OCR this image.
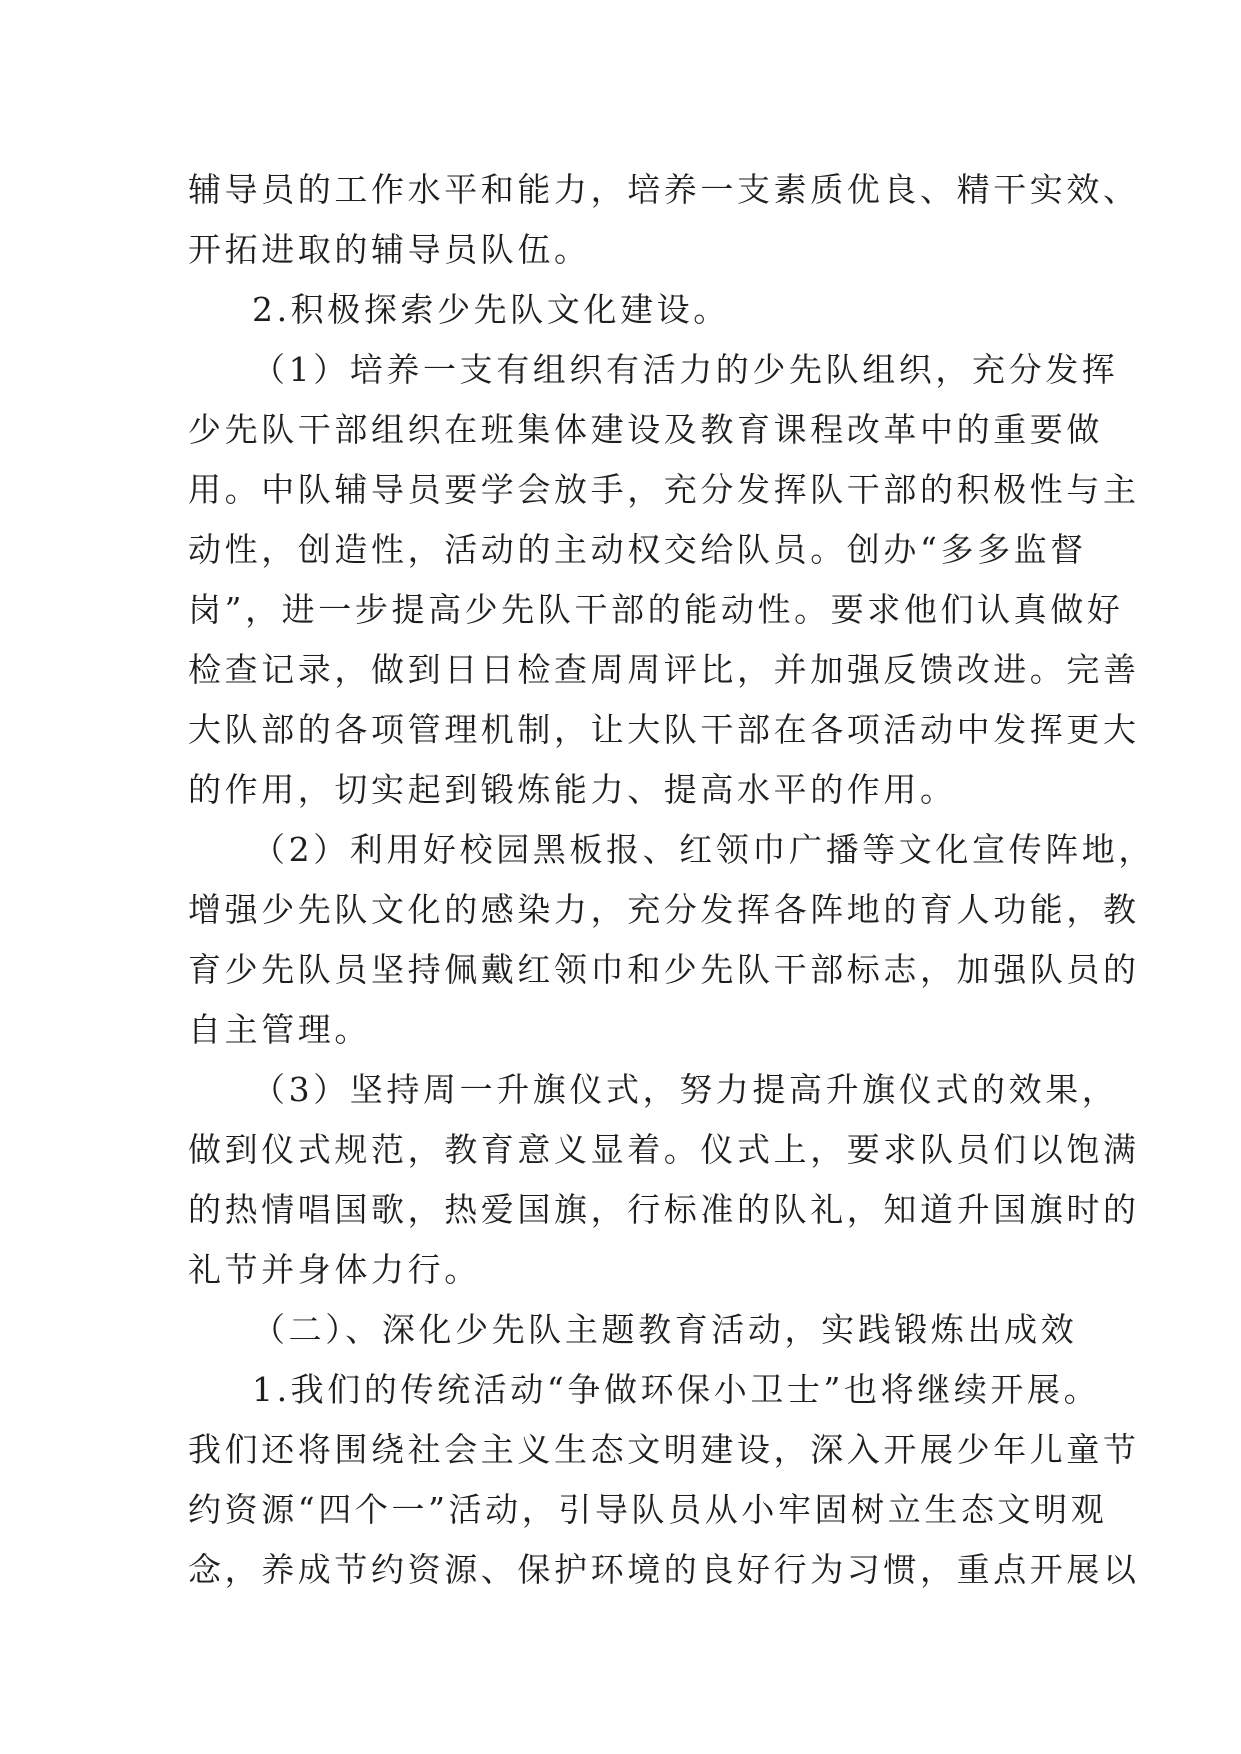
辅导员的工作水平和能力，培养一支素质优良、精干实效、
开拓进取的辅导员队伍。
2.积极探索少先队文化建设。
（1）培养一支有组织有活力的少先队组织，充分发挥
少先队干部组织在班集体建设及教育课程改革中的重要做
用。中队辅导员要学会放手，充分发挥队干部的积极性与主
动性，创造性，活动的主动权交给队员。创办“多多监督
岗”，进一步提高少先队干部的能动性。要求他们认真做好
检查记录，做到日日检查周周评比，并加强反馈改进。完善
大队部的各项管理机制，让大队干部在各项活动中发挥更大
的作用，切实起到锻炼能力、提高水平的作用。
（2）利用好校园黑板报、红领巾广播等文化宣传阵地，
增强少先队文化的感染力，充分发挥各阵地的育人功能，教
育少先队员坚持佩戴红领巾和少先队干部标志，加强队员的
自主管理。
（3）坚持周一升旗仪式，努力提高升旗仪式的效果，
做到仪式规范，教育意义显着。仪式上，要求队员们以饱满
的热情唱国歌，热爱国旗，行标准的队礼，知道升国旗时的
礼节并身体力行。
（二）、深化少先队主题教育活动，实践锻炼出成效
1.我们的传统活动“争做环保小卫士”也将继续开展。
我们还将围绕社会主义生态文明建设，深入开展少年儿童节
约资源“四个一”活动，引导队员从小牢固树立生态文明观
念，养成节约资源、保护环境的良好行为习惯，重点开展以
